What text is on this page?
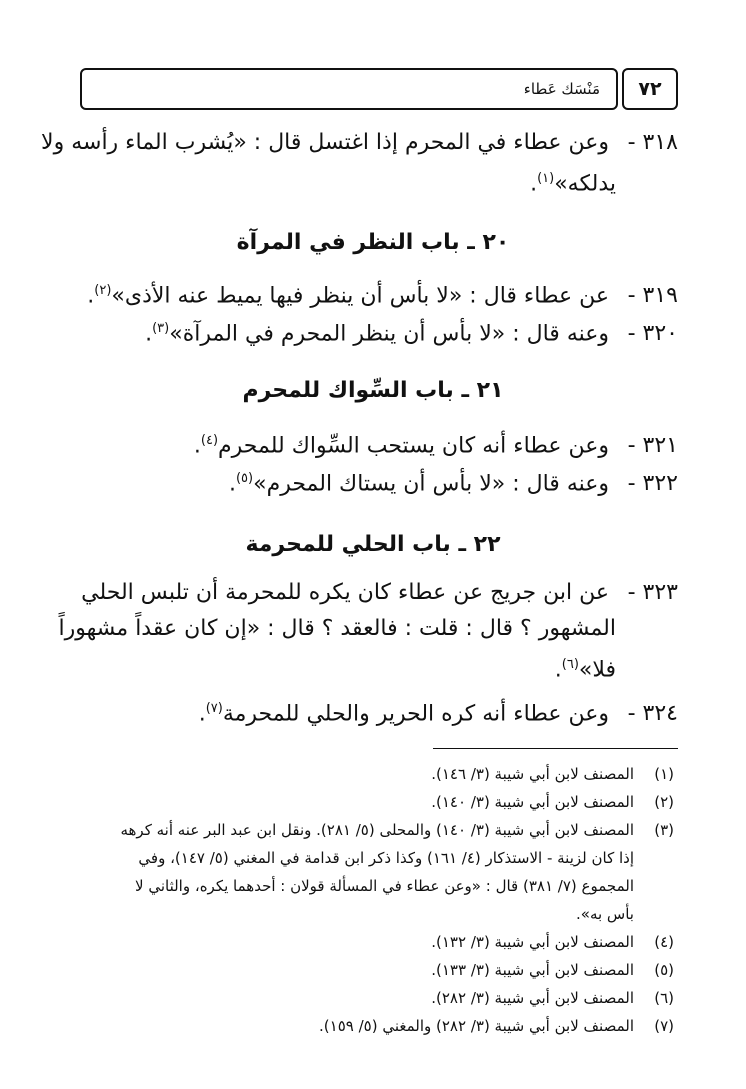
٧٢
مَنْسَك عَطاء
٣١٨ - وعن عطاء في المحرم إذا اغتسل قال : «يُشرب الماء رأسه ولا
يدلكه»$^{(١)}$.
٢٠ ـ باب النظر في المرآة
٣١٩ - عن عطاء قال : «لا بأس أن ينظر فيها يميط عنه الأذى»$^{(٢)}$.
٣٢٠ - وعنه قال : «لا بأس أن ينظر المحرم في المرآة»$^{(٣)}$.
٢١ ـ باب السِّواك للمحرم
٣٢١ - وعن عطاء أنه كان يستحب السِّواك للمحرم$^{(٤)}$.
٣٢٢ - وعنه قال : «لا بأس أن يستاك المحرم»$^{(٥)}$.
٢٢ ـ باب الحلي للمحرمة
٣٢٣ - عن ابن جريج عن عطاء كان يكره للمحرمة أن تلبس الحلي
المشهور ؟ قال : قلت : فالعقد ؟ قال : «إن كان عقداً مشهوراً
فلا»$^{(٦)}$.
٣٢٤ - وعن عطاء أنه كره الحرير والحلي للمحرمة$^{(٧)}$.
(١)المصنف لابن أبي شيبة (٣/ ١٤٦).
(٢)المصنف لابن أبي شيبة (٣/ ١٤٠).
(٣)المصنف لابن أبي شيبة (٣/ ١٤٠) والمحلى (٥/ ٢٨١). ونقل ابن عبد البر عنه أنه كرهه
إذا كان لزينة - الاستذكار (٤/ ١٦١) وكذا ذكر ابن قدامة في المغني (٥/ ١٤٧)، وفي
المجموع (٧/ ٣٨١) قال : «وعن عطاء في المسألة قولان : أحدهما يكره، والثاني لا
بأس به».
(٤)المصنف لابن أبي شيبة (٣/ ١٣٢).
(٥)المصنف لابن أبي شيبة (٣/ ١٣٣).
(٦)المصنف لابن أبي شيبة (٣/ ٢٨٢).
(٧)المصنف لابن أبي شيبة (٣/ ٢٨٢) والمغني (٥/ ١٥٩).
